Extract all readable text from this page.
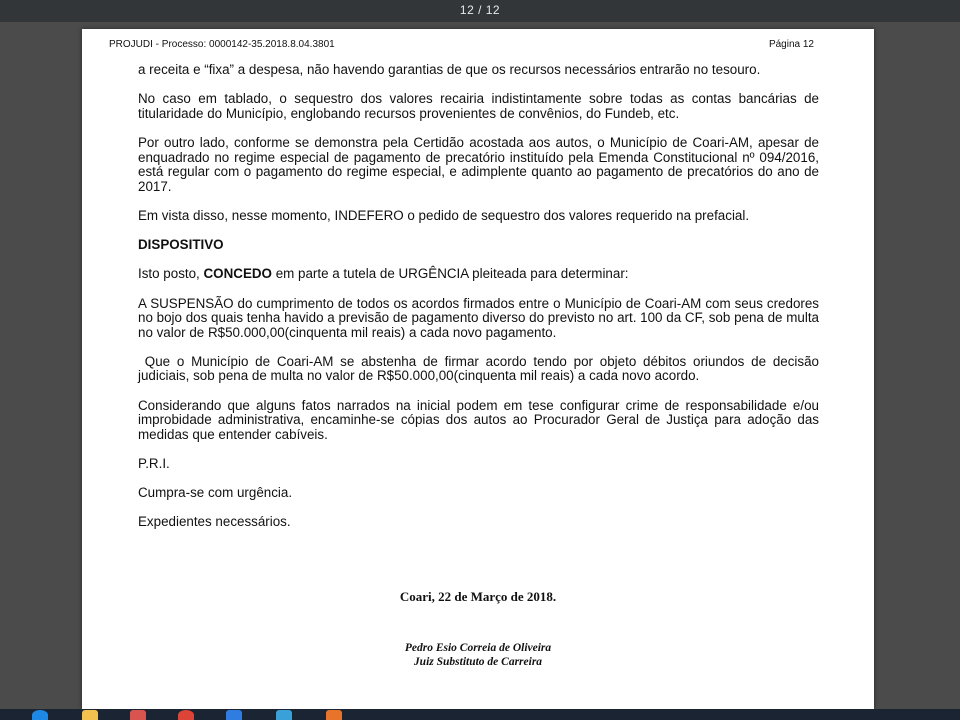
12 / 12
PROJUDI - Processo: 0000142-35.2018.8.04.3801	Página 12

a receita e “fixa” a despesa, não havendo garantias de que os recursos necessários entrarão no tesouro.

No caso em tablado, o sequestro dos valores recairia indistintamente sobre todas as contas bancárias de titularidade do Município, englobando recursos provenientes de convênios, do Fundeb, etc.

Por outro lado, conforme se demonstra pela Certidão acostada aos autos, o Município de Coari-AM, apesar de enquadrado no regime especial de pagamento de precatório instituído pela Emenda Constitucional nº 094/2016, está regular com o pagamento do regime especial, e adimplente quanto ao pagamento de precatórios do ano de 2017.

Em vista disso, nesse momento, INDEFERO o pedido de sequestro dos valores requerido na prefacial.

DISPOSITIVO

Isto posto, CONCEDO em parte a tutela de URGÊNCIA pleiteada para determinar:

A SUSPENSÃO do cumprimento de todos os acordos firmados entre o Município de Coari-AM com seus credores no bojo dos quais tenha havido a previsão de pagamento diverso do previsto no art. 100 da CF, sob pena de multa no valor de R$50.000,00(cinquenta mil reais) a cada novo pagamento.

Que o Município de Coari-AM se abstenha de firmar acordo tendo por objeto débitos oriundos de decisão judiciais, sob pena de multa no valor de R$50.000,00(cinquenta mil reais) a cada novo acordo.

Considerando que alguns fatos narrados na inicial podem em tese configurar crime de responsabilidade e/ou improbidade administrativa, encaminhe-se cópias dos autos ao Procurador Geral de Justiça para adoção das medidas que entender cabíveis.

P.R.I.

Cumpra-se com urgência.

Expedientes necessários.

Coari, 22 de Março de 2018.
Pedro Esio Correia de Oliveira
Juiz Substituto de Carreira
